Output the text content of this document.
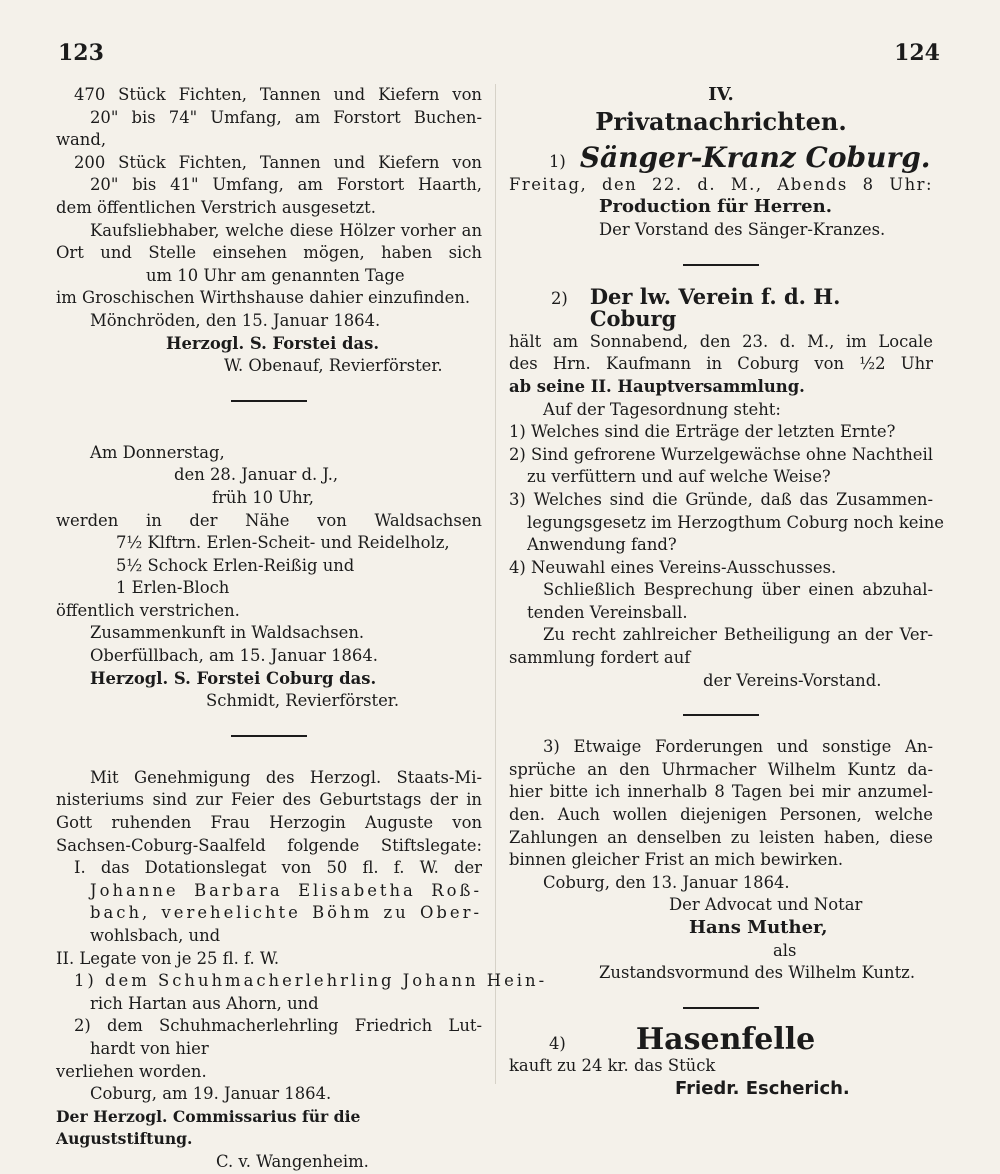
123	124
470 Stück Fichten, Tannen und Kiefern von
20" bis 74" Umfang, am Forstort Buchen-
wand,
200 Stück Fichten, Tannen und Kiefern von
20" bis 41" Umfang, am Forstort Haarth,
dem öffentlichen Verstrich ausgesetzt.
Kaufsliebhaber, welche diese Hölzer vorher an
Ort und Stelle einsehen mögen, haben sich
um 10 Uhr am genannten Tage
im Groschischen Wirthshause dahier einzufinden.
Mönchröden, den 15. Januar 1864.
Herzogl. S. Forstei das.
W. Obenauf, Revierförster.
Am Donnerstag,
den 28. Januar d. J.,
früh 10 Uhr,
werden in der Nähe von Waldsachsen
7½ Klftrn. Erlen-Scheit- und Reidelholz,
5½ Schock Erlen-Reißig und
1 Erlen-Bloch
öffentlich verstrichen.
Zusammenkunft in Waldsachsen.
Oberfüllbach, am 15. Januar 1864.
Herzogl. S. Forstei Coburg das.
Schmidt, Revierförster.
Mit Genehmigung des Herzogl. Staats-Mi-
nisteriums sind zur Feier des Geburtstags der in
Gott ruhenden Frau Herzogin Auguste von
Sachsen-Coburg-Saalfeld folgende Stiftslegate:
I. das Dotationslegat von 50 fl. f. W. der
Johanne Barbara Elisabetha Roß-
bach, verehelichte Böhm zu Ober-
wohlsbach, und
II. Legate von je 25 fl. f. W.
1) dem Schuhmacherlehrling Johann Hein-
rich Hartan aus Ahorn, und
2) dem Schuhmacherlehrling Friedrich Lut-
hardt von hier
verliehen worden.
Coburg, am 19. Januar 1864.
Der Herzogl. Commissarius für die Auguststiftung.
C. v. Wangenheim.
IV.
Privatnachrichten.
1) Sänger-Kranz Coburg.
Freitag, den 22. d. M., Abends 8 Uhr:
Production für Herren.
Der Vorstand des Sänger-Kranzes.
2) Der lw. Verein f. d. H. Coburg
hält am Sonnabend, den 23. d. M., im Locale
des Hrn. Kaufmann in Coburg von ½2 Uhr
ab seine II. Hauptversammlung.
Auf der Tagesordnung steht:
1) Welches sind die Erträge der letzten Ernte?
2) Sind gefrorene Wurzelgewächse ohne Nachtheil
zu verfüttern und auf welche Weise?
3) Welches sind die Gründe, daß das Zusammen-
legungsgesetz im Herzogthum Coburg noch keine
Anwendung fand?
4) Neuwahl eines Vereins-Ausschusses.
Schließlich Besprechung über einen abzuhal-
tenden Vereinsball.
Zu recht zahlreicher Betheiligung an der Ver-
sammlung fordert auf
der Vereins-Vorstand.
3) Etwaige Forderungen und sonstige An-
sprüche an den Uhrmacher Wilhelm Kuntz da-
hier bitte ich innerhalb 8 Tagen bei mir anzumel-
den. Auch wollen diejenigen Personen, welche
Zahlungen an denselben zu leisten haben, diese
binnen gleicher Frist an mich bewirken.
Coburg, den 13. Januar 1864.
Der Advocat und Notar
Hans Muther,
als
Zustandsvormund des Wilhelm Kuntz.
4) Hasenfelle
kauft zu 24 kr. das Stück
Friedr. Escherich.
